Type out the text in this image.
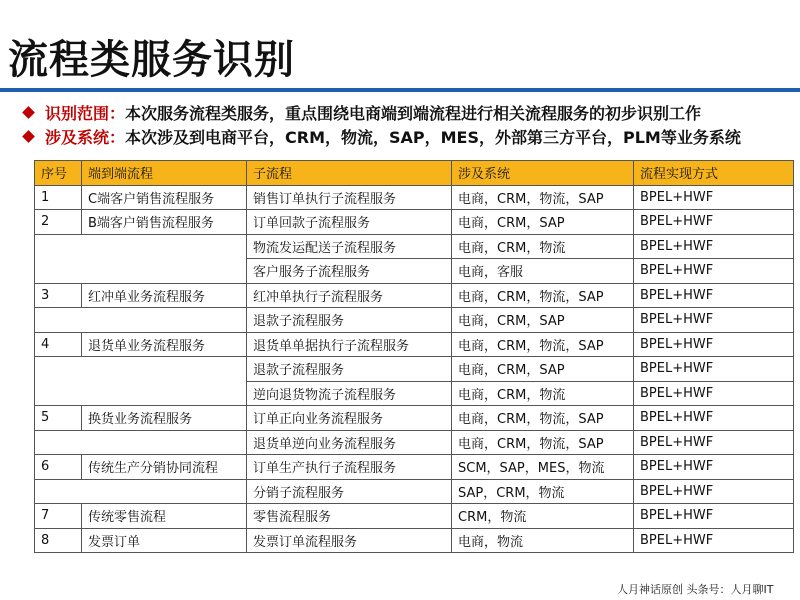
流程类服务识别
识别范围： 本次服务流程类服务，重点围绕电商端到端流程进行相关流程服务的初步识别工作
涉及系统： 本次涉及到电商平台，CRM，物流，SAP，MES，外部第三方平台，PLM等业务系统
序号	端到端流程	子流程	涉及系统	流程实现方式
1	C端客户销售流程服务	销售订单执行子流程服务	电商，CRM，物流，SAP	BPEL+HWF
2	B端客户销售流程服务	订单回款子流程服务	电商，CRM，SAP	BPEL+HWF
		物流发运配送子流程服务	电商，CRM，物流	BPEL+HWF
		客户服务子流程服务	电商，客服	BPEL+HWF
3	红冲单业务流程服务	红冲单执行子流程服务	电商，CRM，物流，SAP	BPEL+HWF
		退款子流程服务	电商，CRM，SAP	BPEL+HWF
4	退货单业务流程服务	退货单单据执行子流程服务	电商，CRM，物流，SAP	BPEL+HWF
		退款子流程服务	电商，CRM，SAP	BPEL+HWF
		逆向退货物流子流程服务	电商，CRM，物流	BPEL+HWF
5	换货业务流程服务	订单正向业务流程服务	电商，CRM，物流，SAP	BPEL+HWF
		退货单逆向业务流程服务	电商，CRM，物流，SAP	BPEL+HWF
6	传统生产分销协同流程	订单生产执行子流程服务	SCM，SAP，MES，物流	BPEL+HWF
		分销子流程服务	SAP，CRM，物流	BPEL+HWF
7	传统零售流程	零售流程服务	CRM，物流	BPEL+HWF
8	发票订单	发票订单流程服务	电商，物流	BPEL+HWF
人月神话原创 头条号：人月聊IT
